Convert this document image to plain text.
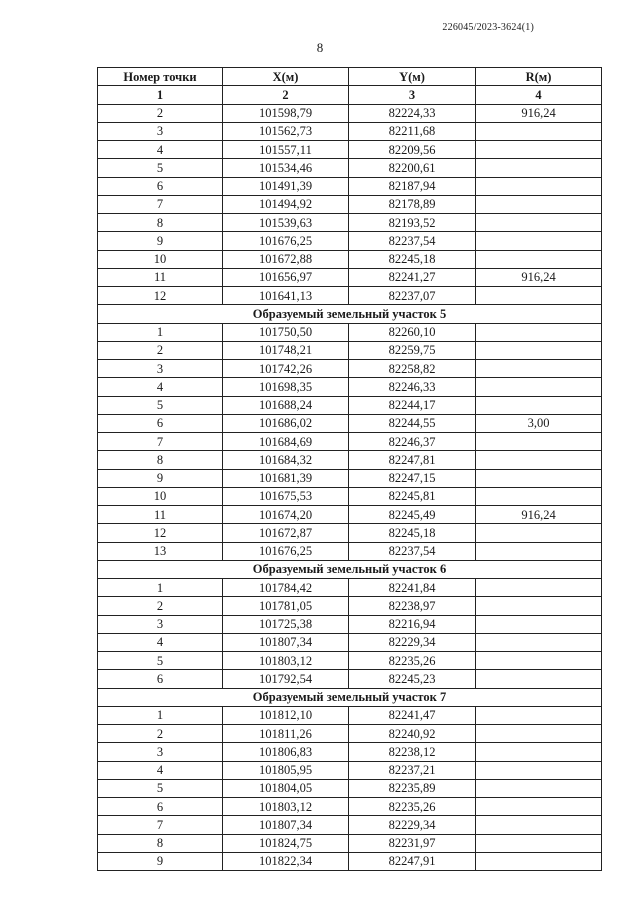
226045/2023-3624(1)
8
Номер точки	X(м)	Y(м)	R(м)
1	2	3	4
2	101598,79	82224,33	916,24
3	101562,73	82211,68	
4	101557,11	82209,56	
5	101534,46	82200,61	
6	101491,39	82187,94	
7	101494,92	82178,89	
8	101539,63	82193,52	
9	101676,25	82237,54	
10	101672,88	82245,18	
11	101656,97	82241,27	916,24
12	101641,13	82237,07	
Образуемый земельный участок 5			
1	101750,50	82260,10	
2	101748,21	82259,75	
3	101742,26	82258,82	
4	101698,35	82246,33	
5	101688,24	82244,17	
6	101686,02	82244,55	3,00
7	101684,69	82246,37	
8	101684,32	82247,81	
9	101681,39	82247,15	
10	101675,53	82245,81	
11	101674,20	82245,49	916,24
12	101672,87	82245,18	
13	101676,25	82237,54	
Образуемый земельный участок 6			
1	101784,42	82241,84	
2	101781,05	82238,97	
3	101725,38	82216,94	
4	101807,34	82229,34	
5	101803,12	82235,26	
6	101792,54	82245,23	
Образуемый земельный участок 7			
1	101812,10	82241,47	
2	101811,26	82240,92	
3	101806,83	82238,12	
4	101805,95	82237,21	
5	101804,05	82235,89	
6	101803,12	82235,26	
7	101807,34	82229,34	
8	101824,75	82231,97	
9	101822,34	82247,91	
